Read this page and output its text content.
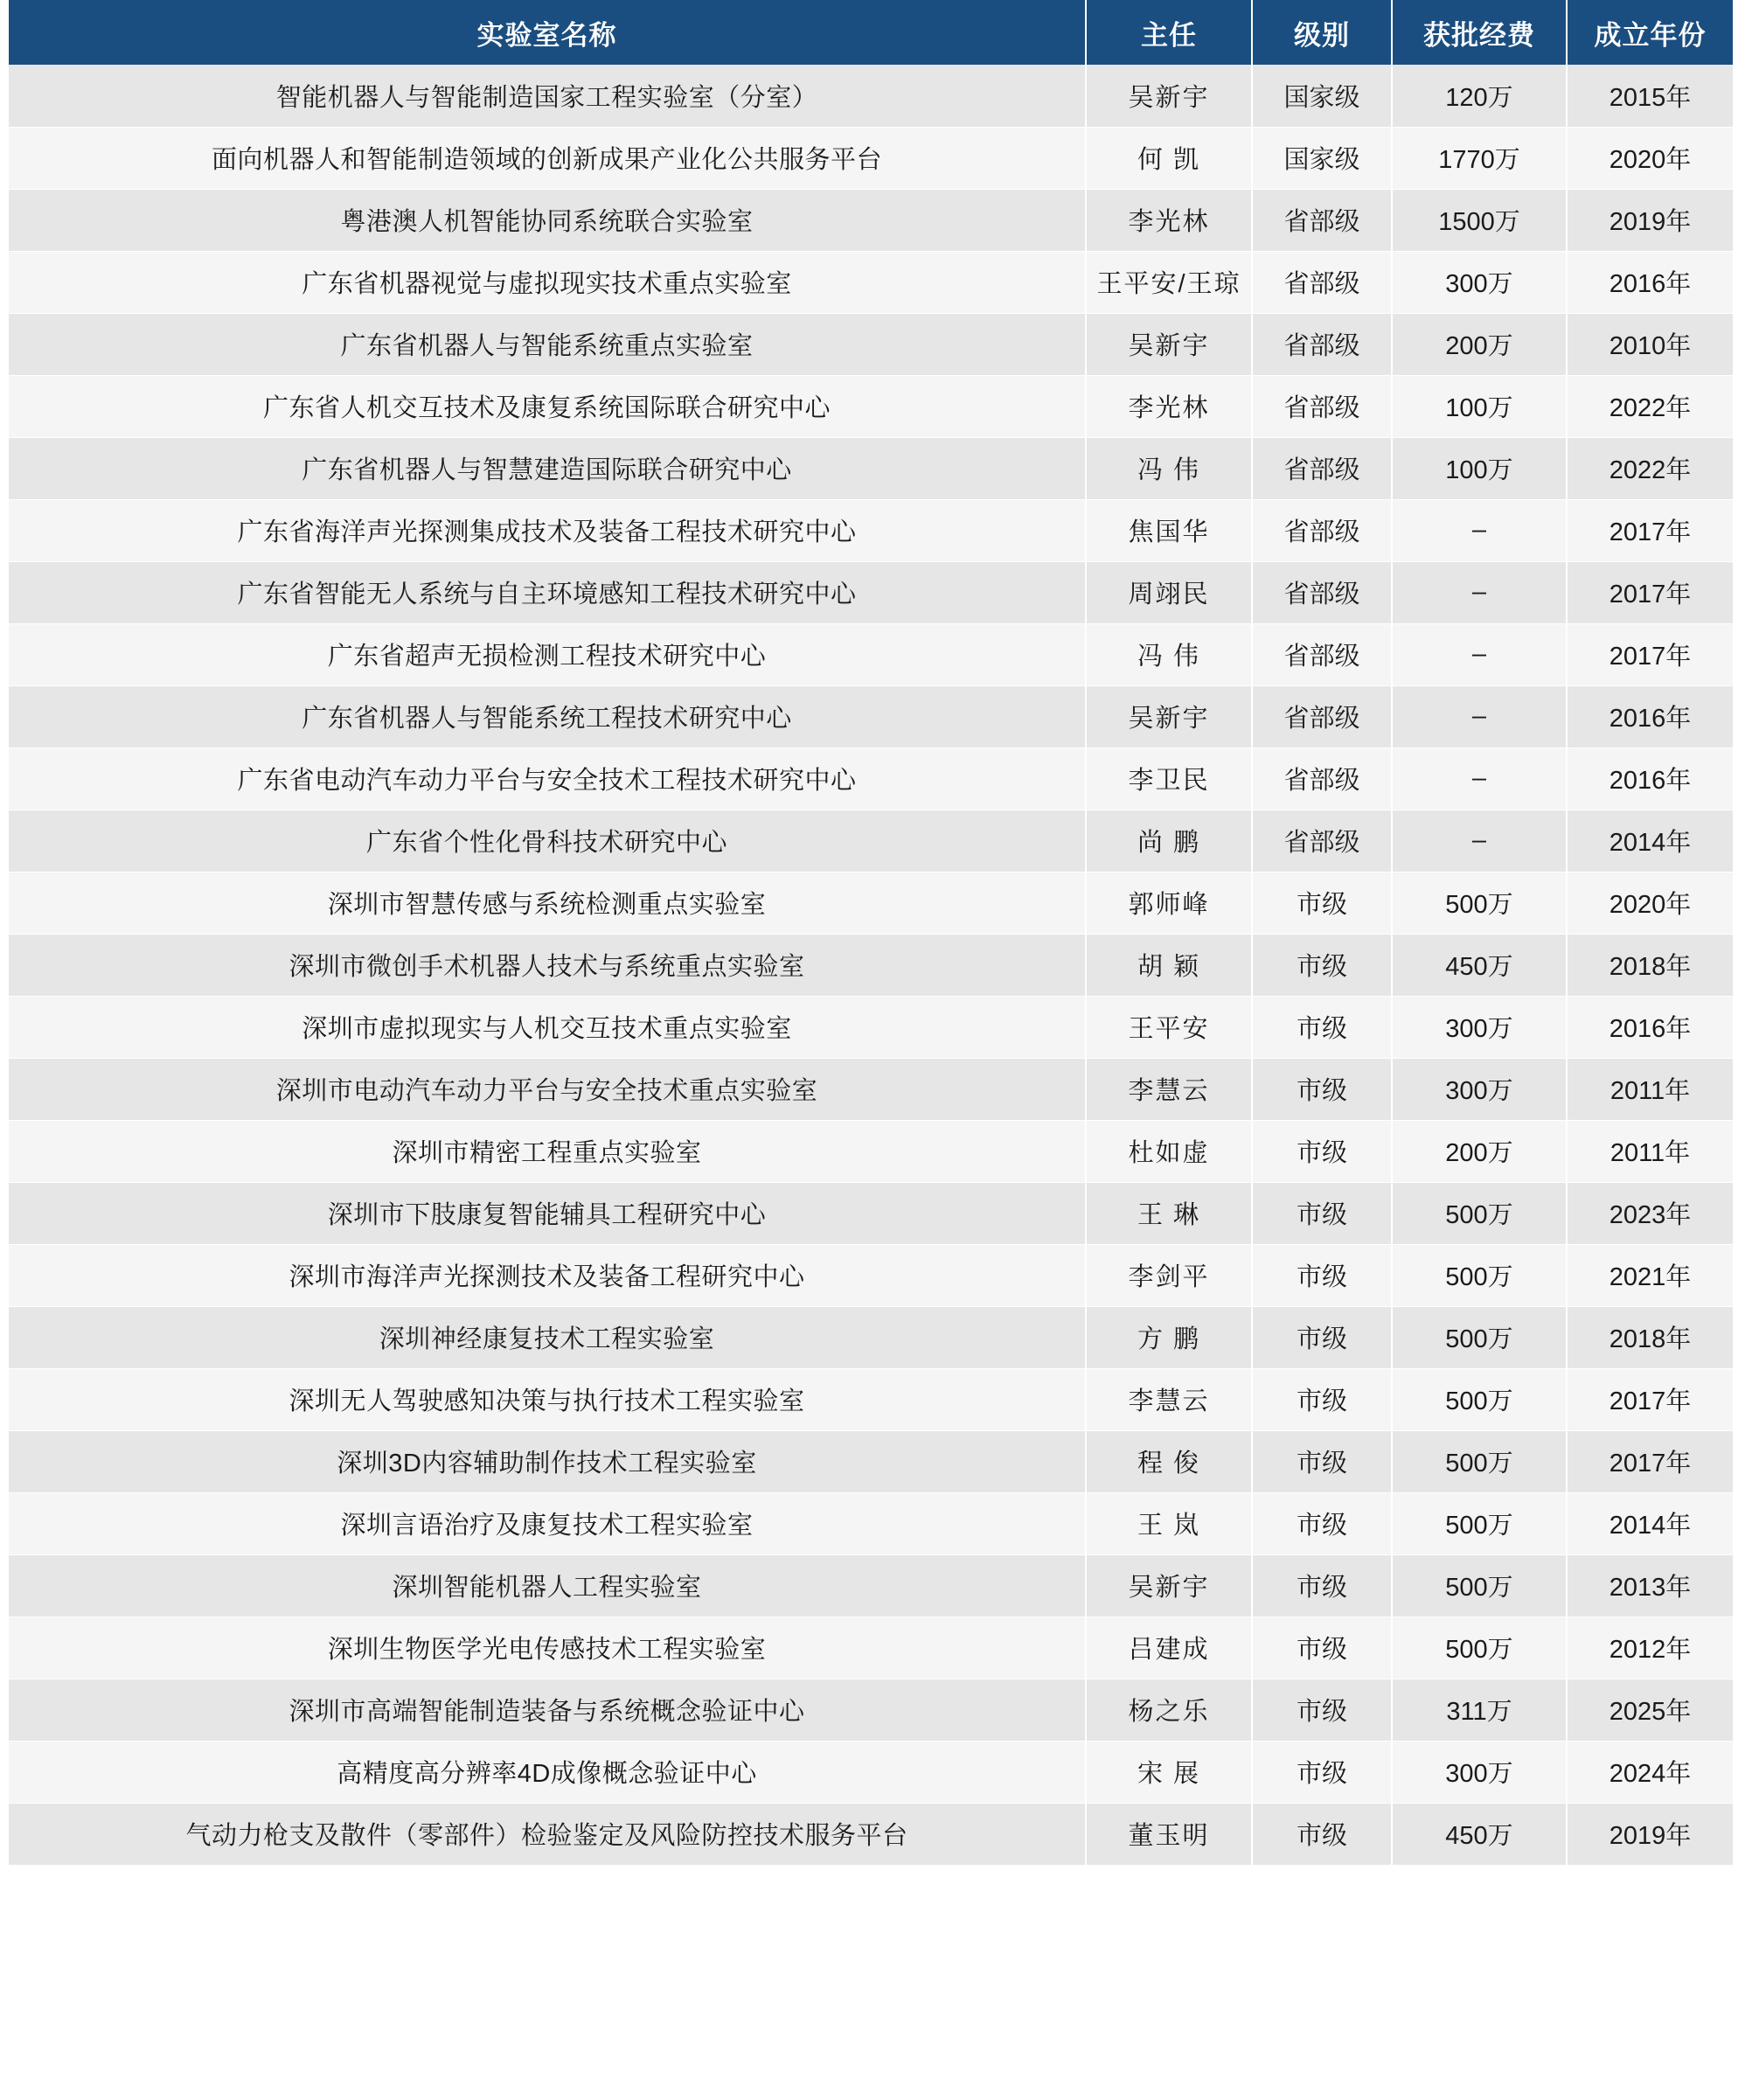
实验室名称	主任	级别	获批经费	成立年份
智能机器人与智能制造国家工程实验室（分室）	吴新宇	国家级	120万	2015年
面向机器人和智能制造领域的创新成果产业化公共服务平台	何 凯	国家级	1770万	2020年
粤港澳人机智能协同系统联合实验室	李光林	省部级	1500万	2019年
广东省机器视觉与虚拟现实技术重点实验室	王平安/王琼	省部级	300万	2016年
广东省机器人与智能系统重点实验室	吴新宇	省部级	200万	2010年
广东省人机交互技术及康复系统国际联合研究中心	李光林	省部级	100万	2022年
广东省机器人与智慧建造国际联合研究中心	冯 伟	省部级	100万	2022年
广东省海洋声光探测集成技术及装备工程技术研究中心	焦国华	省部级	–	2017年
广东省智能无人系统与自主环境感知工程技术研究中心	周翊民	省部级	–	2017年
广东省超声无损检测工程技术研究中心	冯 伟	省部级	–	2017年
广东省机器人与智能系统工程技术研究中心	吴新宇	省部级	–	2016年
广东省电动汽车动力平台与安全技术工程技术研究中心	李卫民	省部级	–	2016年
广东省个性化骨科技术研究中心	尚 鹏	省部级	–	2014年
深圳市智慧传感与系统检测重点实验室	郭师峰	市级	500万	2020年
深圳市微创手术机器人技术与系统重点实验室	胡 颖	市级	450万	2018年
深圳市虚拟现实与人机交互技术重点实验室	王平安	市级	300万	2016年
深圳市电动汽车动力平台与安全技术重点实验室	李慧云	市级	300万	2011年
深圳市精密工程重点实验室	杜如虚	市级	200万	2011年
深圳市下肢康复智能辅具工程研究中心	王 琳	市级	500万	2023年
深圳市海洋声光探测技术及装备工程研究中心	李剑平	市级	500万	2021年
深圳神经康复技术工程实验室	方 鹏	市级	500万	2018年
深圳无人驾驶感知决策与执行技术工程实验室	李慧云	市级	500万	2017年
深圳3D内容辅助制作技术工程实验室	程 俊	市级	500万	2017年
深圳言语治疗及康复技术工程实验室	王 岚	市级	500万	2014年
深圳智能机器人工程实验室	吴新宇	市级	500万	2013年
深圳生物医学光电传感技术工程实验室	吕建成	市级	500万	2012年
深圳市高端智能制造装备与系统概念验证中心	杨之乐	市级	311万	2025年
高精度高分辨率4D成像概念验证中心	宋 展	市级	300万	2024年
气动力枪支及散件（零部件）检验鉴定及风险防控技术服务平台	董玉明	市级	450万	2019年
